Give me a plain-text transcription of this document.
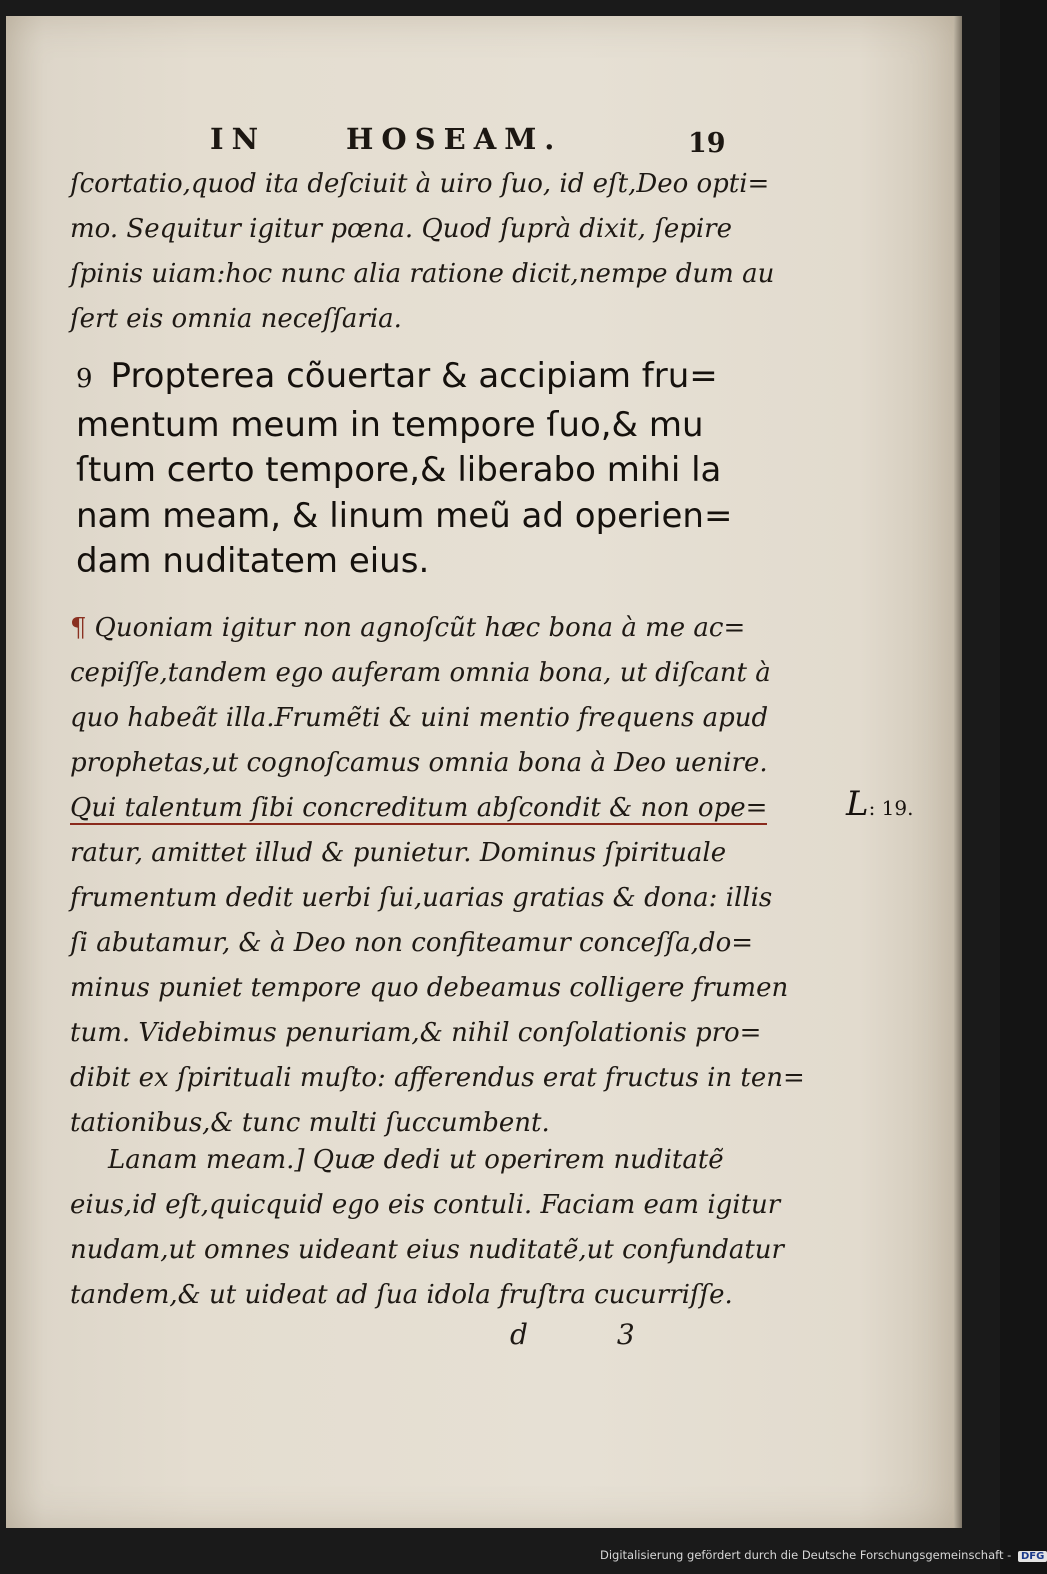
IN	HOSEAM.	19
ſcortatio,quod ita deſciuit à uiro ſuo, id eſt,Deo opti=
mo. Sequitur igitur pœna. Quod ſuprà dixit, ſepire
ſpinis uiam:hoc nunc alia ratione dicit,nempe dum au
ſert eis omnia neceſſaria.
9 Propterea cõuertar & accipiam fru=
mentum meum in tempore ſuo,& mu
ſtum certo tempore,& liberabo mihi la
nam meam, & linum meũ ad operien=
dam nuditatem eius.
¶ Quoniam igitur non agnoſcũt hæc bona à me ac=
cepiſſe,tandem ego auferam omnia bona, ut diſcant à
quo habeãt illa.Frumẽti & uini mentio frequens apud
prophetas,ut cognoſcamus omnia bona à Deo uenire.
Qui talentum ſibi concreditum abſcondit & non ope=
ratur, amittet illud & punietur. Dominus ſpirituale
frumentum dedit uerbi ſui,uarias gratias & dona: illis
ſi abutamur, & à Deo non confiteamur conceſſa,do=
minus puniet tempore quo debeamus colligere frumen
tum. Videbimus penuriam,& nihil conſolationis pro=
dibit ex ſpirituali muſto: afferendus erat fructus in ten=
tationibus,& tunc multi ſuccumbent.
Lanam meam.] Quæ dedi ut operirem nuditatẽ
eius,id eſt,quicquid ego eis contuli. Faciam eam igitur
nudam,ut omnes uideant eius nuditatẽ,ut confundatur
tandem,& ut uideat ad ſua idola fruſtra cucurriſſe.
d 3
L: 19.
Digitalisierung gefördert durch die Deutsche Forschungsgemeinschaft - DFG
